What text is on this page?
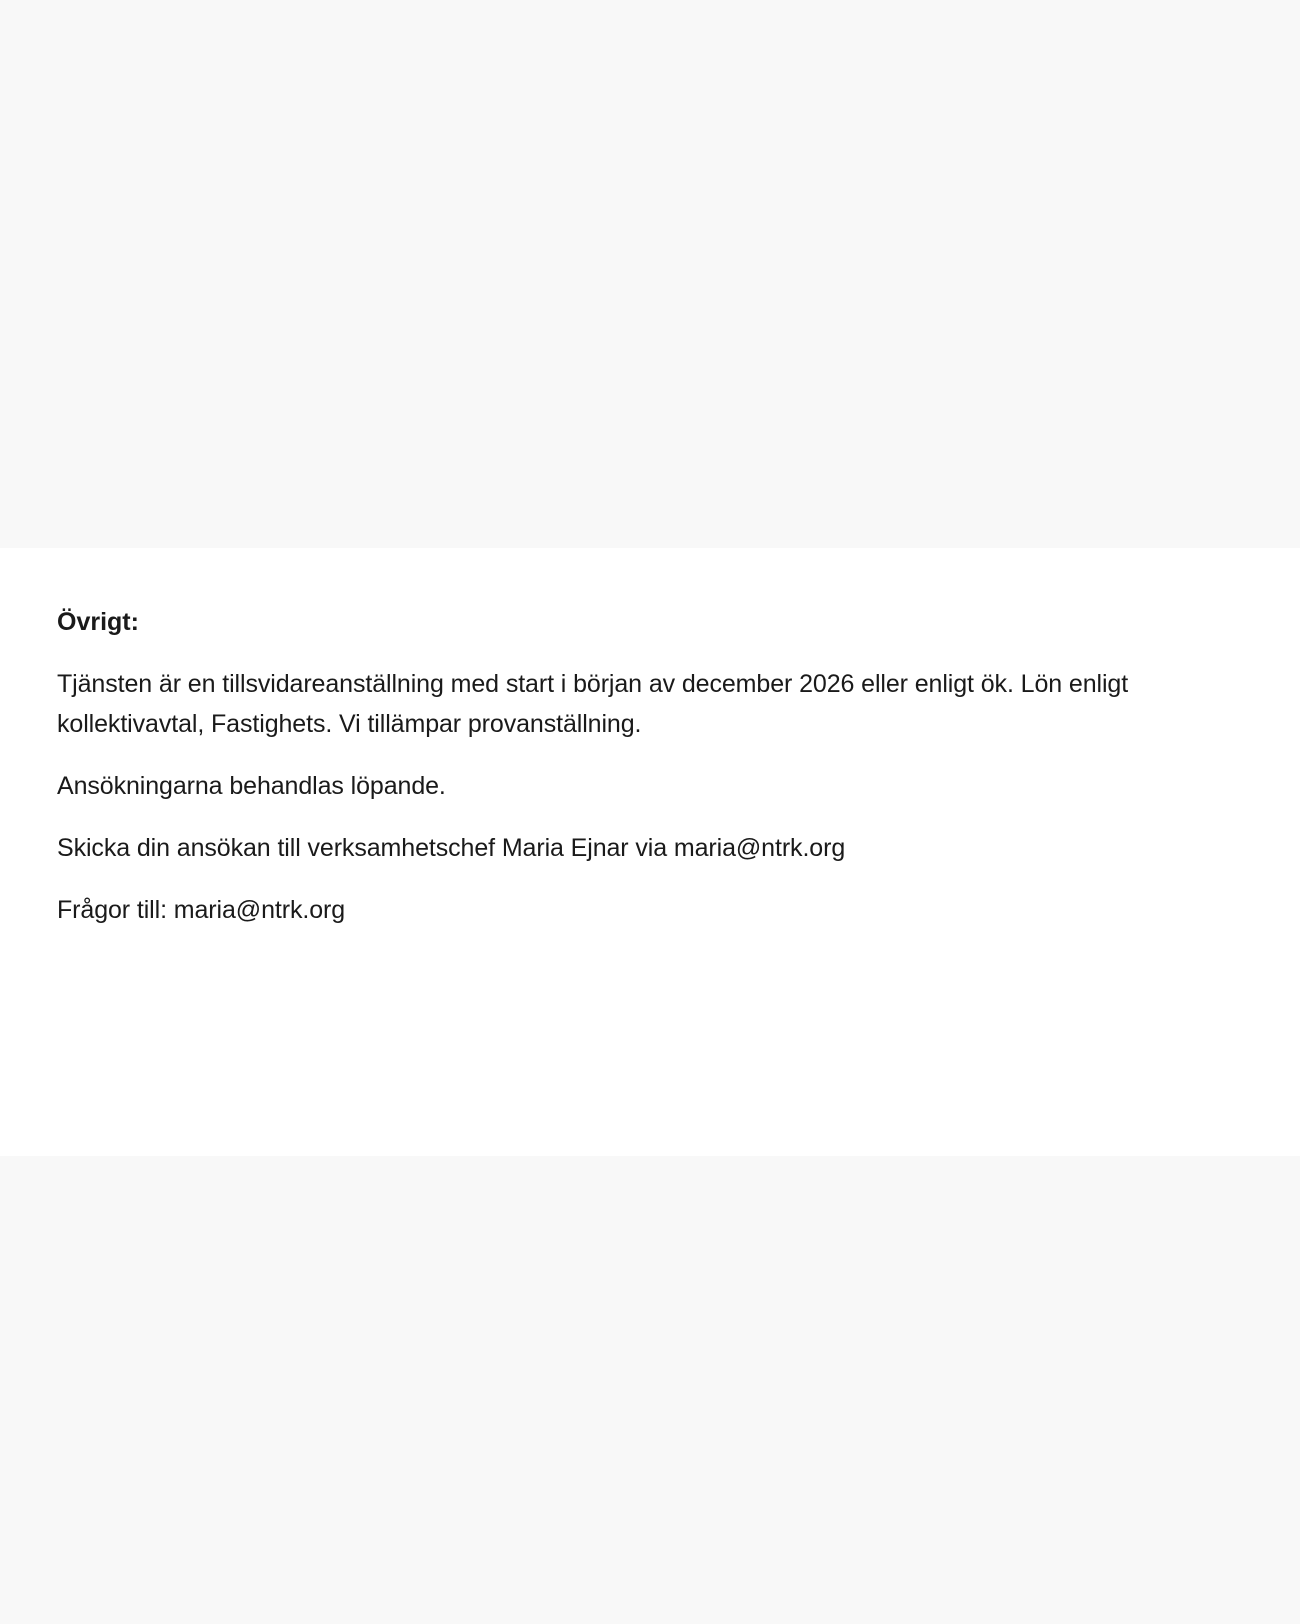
Övrigt:

Tjänsten är en tillsvidareanställning med start i början av december 2026 eller enligt ök. Lön enligt kollektivavtal, Fastighets. Vi tillämpar provanställning.

Ansökningarna behandlas löpande.

Skicka din ansökan till verksamhetschef Maria Ejnar via maria@ntrk.org

Frågor till: maria@ntrk.org
